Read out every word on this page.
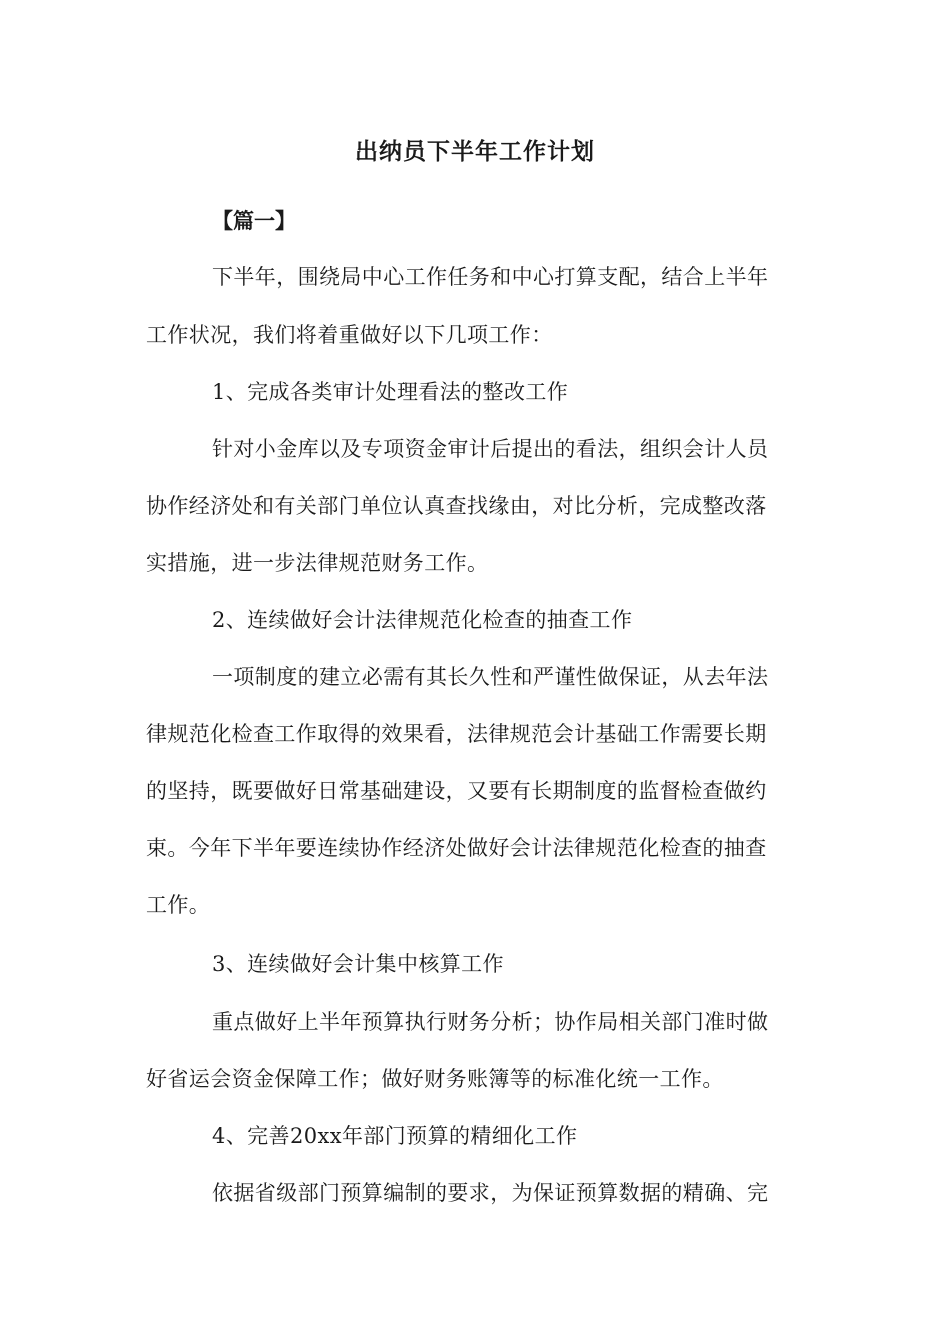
出纳员下半年工作计划
【篇一】
下半年，围绕局中心工作任务和中心打算支配，结合上半年
工作状况，我们将着重做好以下几项工作：
1、完成各类审计处理看法的整改工作
针对小金库以及专项资金审计后提出的看法，组织会计人员
协作经济处和有关部门单位认真查找缘由，对比分析，完成整改落
实措施，进一步法律规范财务工作。
2、连续做好会计法律规范化检查的抽查工作
一项制度的建立必需有其长久性和严谨性做保证，从去年法
律规范化检查工作取得的效果看，法律规范会计基础工作需要长期
的坚持，既要做好日常基础建设，又要有长期制度的监督检查做约
束。今年下半年要连续协作经济处做好会计法律规范化检查的抽查
工作。
3、连续做好会计集中核算工作
重点做好上半年预算执行财务分析；协作局相关部门准时做
好省运会资金保障工作；做好财务账簿等的标准化统一工作。
4、完善20xx年部门预算的精细化工作
依据省级部门预算编制的要求，为保证预算数据的精确、完
